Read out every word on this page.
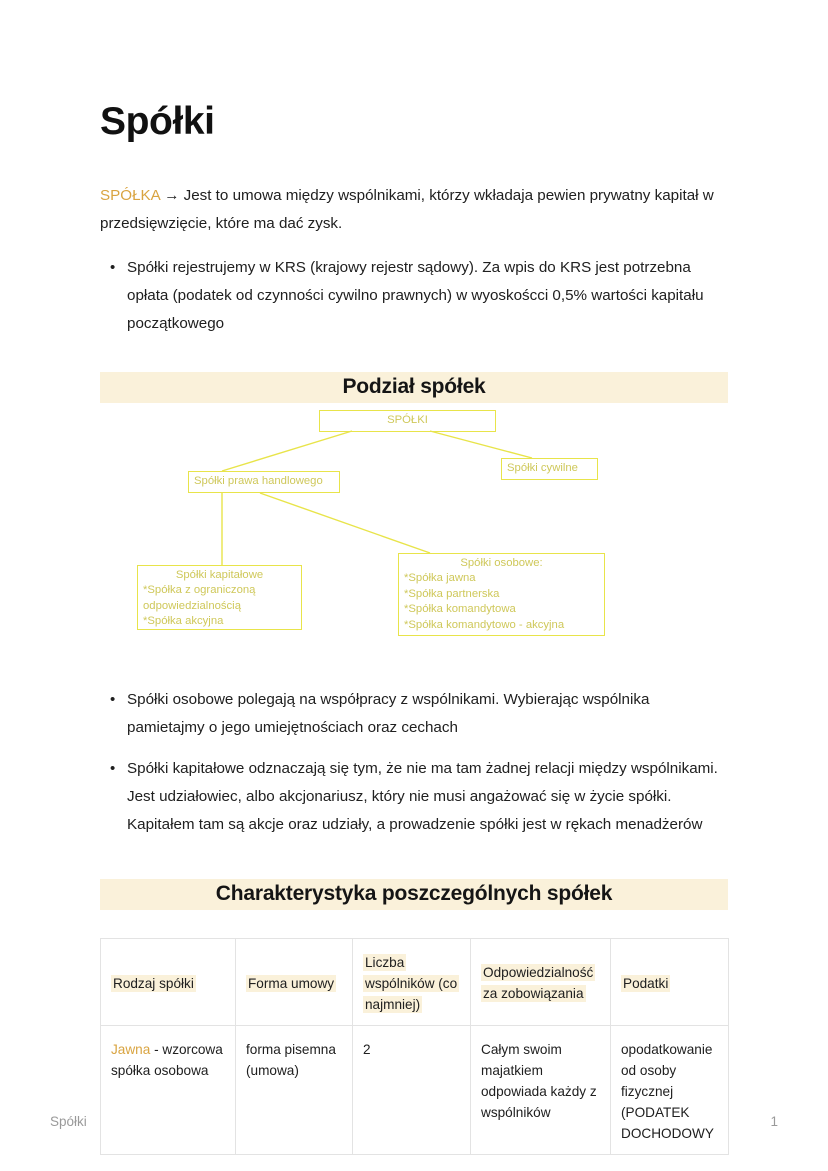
Spółki

SPÓŁKA → Jest to umowa między wspólnikami, którzy wkładaja pewien prywatny kapitał w przedsięwzięcie, które ma dać zysk.

• Spółki rejestrujemy w KRS (krajowy rejestr sądowy). Za wpis do KRS jest potrzebna opłata (podatek od czynności cywilno prawnych) w wyoskoścci 0,5% wartości kapitału początkowego
Podział spółek
SPÓŁKI
Spółki cywilne
Spółki prawa handlowego
Spółki kapitałowe
*Spółka z ograniczoną
odpowiedzialnością
*Spółka akcyjna
Spółki osobowe:
*Spółka jawna
*Spółka partnerska
*Spółka komandytowa
*Spółka komandytowo - akcyjna
• Spółki osobowe polegają na współpracy z wspólnikami. Wybierając wspólnika pamietajmy o jego umiejętnościach oraz cechach
• Spółki kapitałowe odznaczają się tym, że nie ma tam żadnej relacji między wspólnikami. Jest udziałowiec, albo akcjonariusz, który nie musi angażować się w życie spółki. Kapitałem tam są akcje oraz udziały, a prowadzenie spółki jest w rękach menadżerów
Charakterystyka poszczególnych spółek
Rodzaj spółki	Forma umowy	Liczba wspólników (co najmniej)	Odpowiedzialność za zobowiązania	Podatki
Jawna - wzorcowa spółka osobowa	forma pisemna (umowa)	2	Całym swoim majatkiem odpowiada każdy z wspólników	opodatkowanie od osoby fizycznej (PODATEK DOCHODOWY
Spółki	1
